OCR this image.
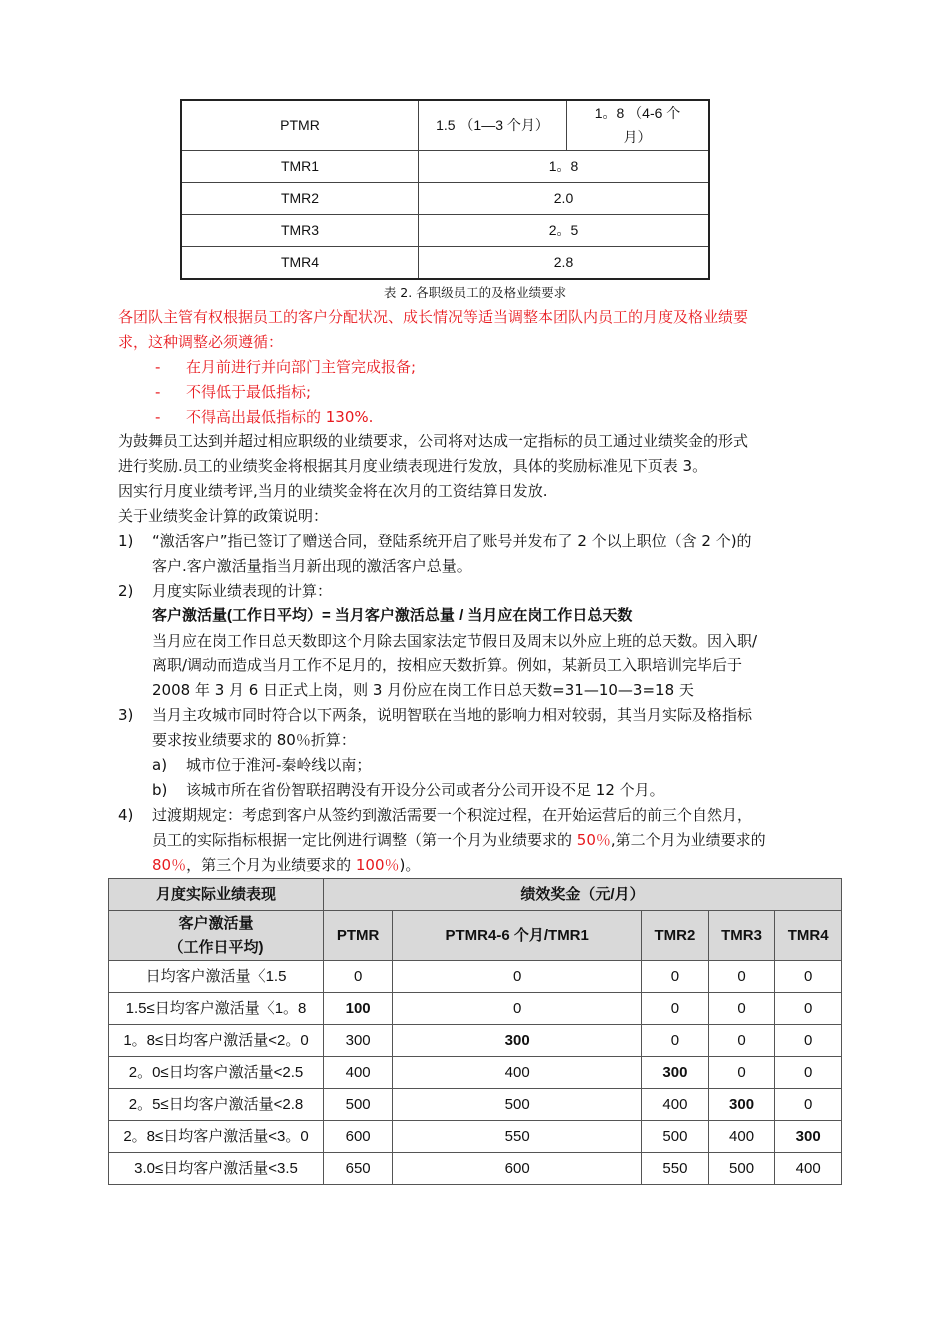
PTMR	1.5 （1—3 个月）	1。8 （4-6 个月）
TMR1	1。8	
TMR2	2.0	
TMR3	2。5	
TMR4	2.8	
表 2. 各职级员工的及格业绩要求
各团队主管有权根据员工的客户分配状况、成长情况等适当调整本团队内员工的月度及格业绩要
求，这种调整必须遵循：
- 在月前进行并向部门主管完成报备;
- 不得低于最低指标;
- 不得高出最低指标的 130%.
为鼓舞员工达到并超过相应职级的业绩要求，公司将对达成一定指标的员工通过业绩奖金的形式
进行奖励.员工的业绩奖金将根据其月度业绩表现进行发放，具体的奖励标准见下页表 3。
因实行月度业绩考评,当月的业绩奖金将在次月的工资结算日发放.
关于业绩奖金计算的政策说明：
1) “激活客户”指已签订了赠送合同，登陆系统开启了账号并发布了 2 个以上职位（含 2 个)的
客户.客户激活量指当月新出现的激活客户总量。
2) 月度实际业绩表现的计算：
客户激活量(工作日平均）= 当月客户激活总量 / 当月应在岗工作日总天数
当月应在岗工作日总天数即这个月除去国家法定节假日及周末以外应上班的总天数。因入职/
离职/调动而造成当月工作不足月的，按相应天数折算。例如，某新员工入职培训完毕后于
2008 年 3 月 6 日正式上岗，则 3 月份应在岗工作日总天数=31—10—3=18 天
3) 当月主攻城市同时符合以下两条，说明智联在当地的影响力相对较弱，其当月实际及格指标
要求按业绩要求的 80％折算：
a) 城市位于淮河-秦岭线以南；
b) 该城市所在省份智联招聘没有开设分公司或者分公司开设不足 12 个月。
4) 过渡期规定：考虑到客户从签约到激活需要一个积淀过程，在开始运营后的前三个自然月，
员工的实际指标根据一定比例进行调整（第一个月为业绩要求的 50％,第二个月为业绩要求的
80％，第三个月为业绩要求的 100％)。
月度实际业绩表现	绩效奖金（元/月）				

客户激活量
（工作日平均)	PTMR	PTMR4-6 个月/TMR1	TMR2	TMR3	TMR4
日均客户激活量〈1.5	0	0	0	0	0
1.5≤日均客户激活量〈1。8	100	0	0	0	0
1。8≤日均客户激活量<2。0	300	300	0	0	0
2。0≤日均客户激活量<2.5	400	400	300	0	0
2。5≤日均客户激活量<2.8	500	500	400	300	0
2。8≤日均客户激活量<3。0	600	550	500	400	300
3.0≤日均客户激活量<3.5	650	600	550	500	400
